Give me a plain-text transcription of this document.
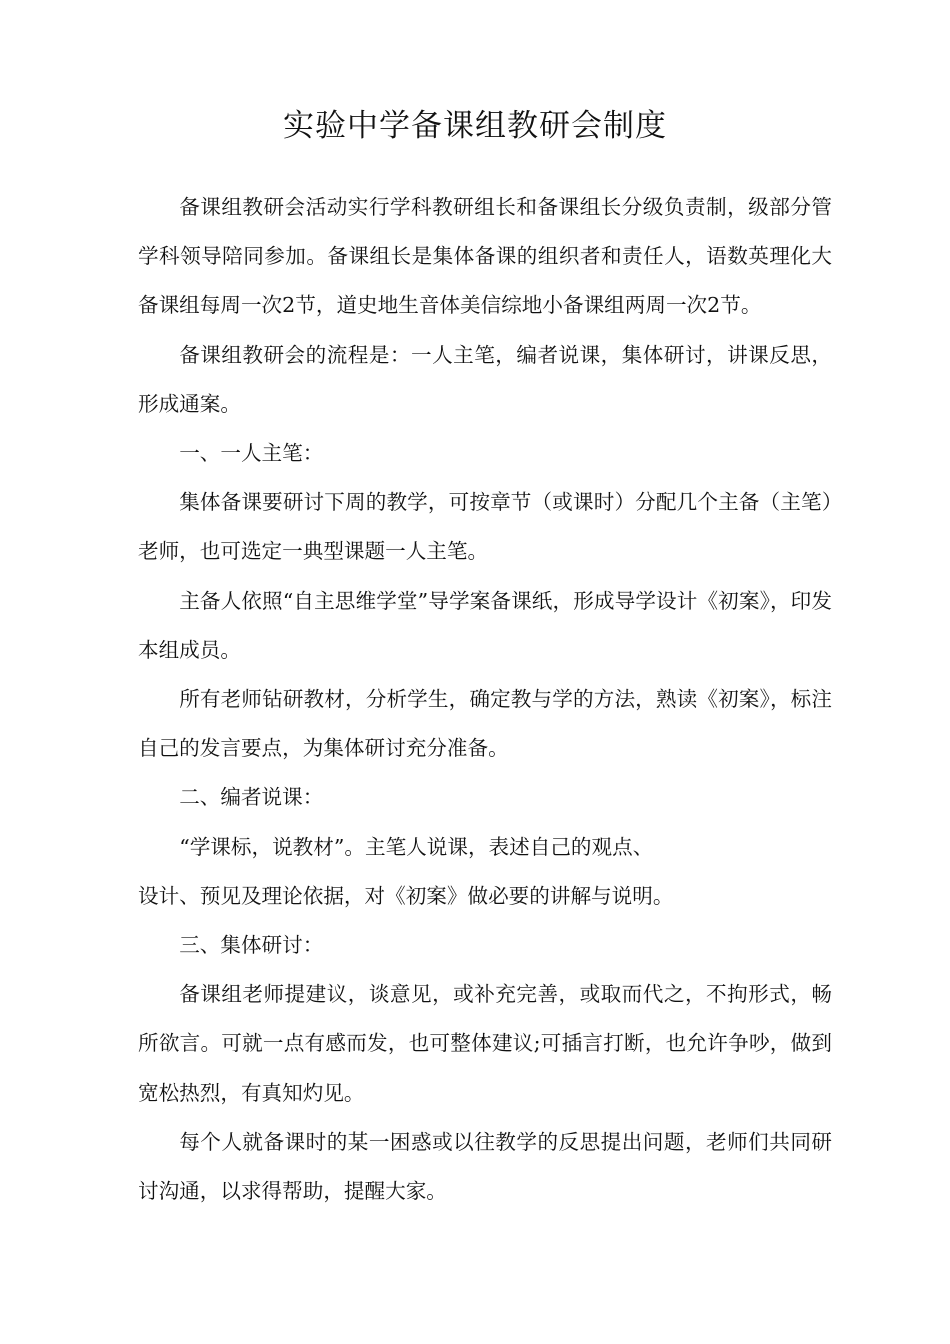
实验中学备课组教研会制度

备课组教研会活动实行学科教研组长和备课组长分级负责制，级部分管学科领导陪同参加。备课组长是集体备课的组织者和责任人，语数英理化大备课组每周一次2节，道史地生音体美信综地小备课组两周一次2节。

备课组教研会的流程是：一人主笔，编者说课，集体研讨，讲课反思，形成通案。

一、一人主笔：

集体备课要研讨下周的教学，可按章节（或课时）分配几个主备（主笔）老师，也可选定一典型课题一人主笔。

主备人依照“自主思维学堂”导学案备课纸，形成导学设计《初案》，印发本组成员。

所有老师钻研教材，分析学生，确定教与学的方法，熟读《初案》，标注自己的发言要点，为集体研讨充分准备。

二、编者说课：

“学课标，说教材”。主笔人说课，表述自己的观点、

设计、预见及理论依据，对《初案》做必要的讲解与说明。

三、集体研讨：

备课组老师提建议，谈意见，或补充完善，或取而代之，不拘形式，畅所欲言。可就一点有感而发，也可整体建议;可插言打断，也允许争吵，做到宽松热烈，有真知灼见。

每个人就备课时的某一困惑或以往教学的反思提出问题，老师们共同研讨沟通，以求得帮助，提醒大家。
